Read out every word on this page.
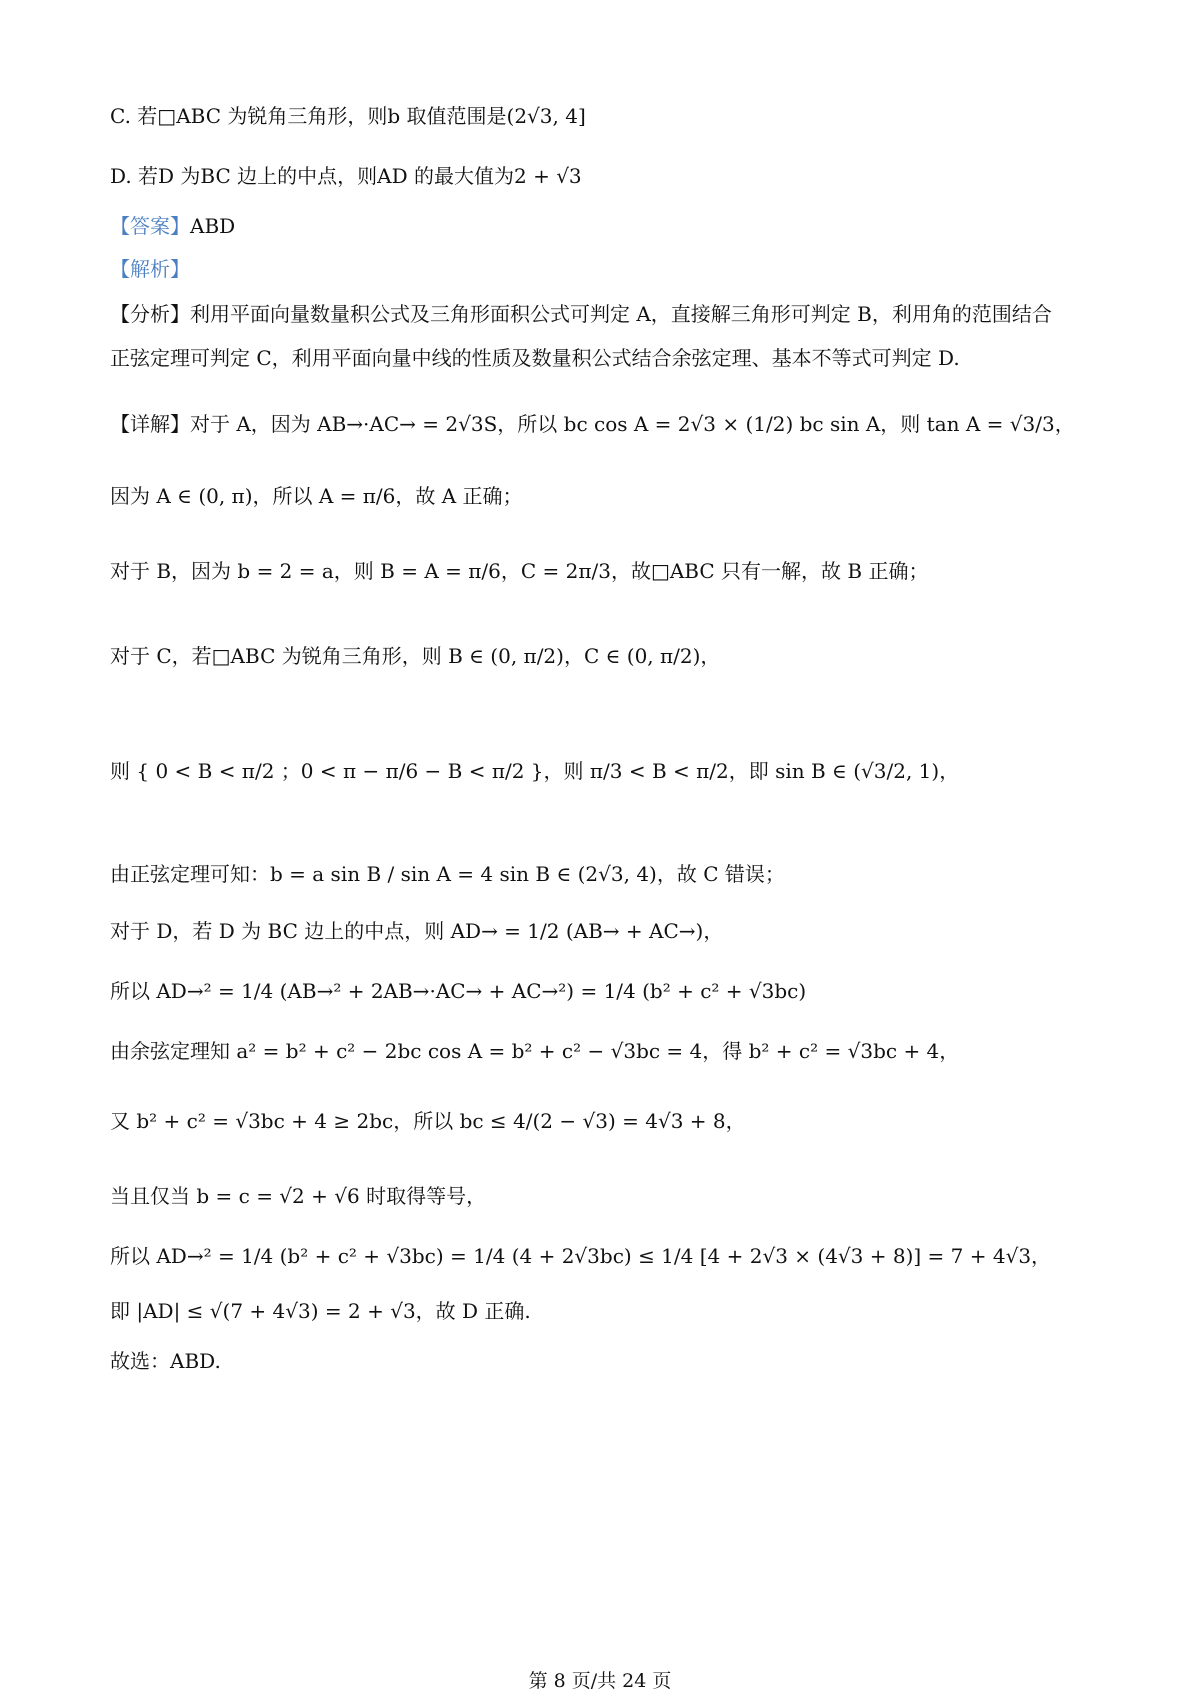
C. 若□ABC 为锐角三角形，则b 取值范围是(2√3, 4]
D. 若D 为BC 边上的中点，则AD 的最大值为2 + √3
【答案】ABD
【解析】
【分析】利用平面向量数量积公式及三角形面积公式可判定 A，直接解三角形可判定 B，利用角的范围结合
正弦定理可判定 C，利用平面向量中线的性质及数量积公式结合余弦定理、基本不等式可判定 D.
【详解】对于 A，因为 AB→·AC→ = 2√3S，所以 bc cos A = 2√3 × (1/2) bc sin A，则 tan A = √3/3，
因为 A ∈ (0, π)，所以 A = π/6，故 A 正确；
对于 B，因为 b = 2 = a，则 B = A = π/6，C = 2π/3，故□ABC 只有一解，故 B 正确；
对于 C，若□ABC 为锐角三角形，则 B ∈ (0, π/2)，C ∈ (0, π/2)，
则 { 0 < B < π/2 ；0 < π − π/6 − B < π/2 }，则 π/3 < B < π/2，即 sin B ∈ (√3/2, 1)，
由正弦定理可知：b = a sin B / sin A = 4 sin B ∈ (2√3, 4)，故 C 错误；
对于 D，若 D 为 BC 边上的中点，则 AD→ = 1/2 (AB→ + AC→)，
所以 AD→² = 1/4 (AB→² + 2AB→·AC→ + AC→²) = 1/4 (b² + c² + √3bc)
由余弦定理知 a² = b² + c² − 2bc cos A = b² + c² − √3bc = 4，得 b² + c² = √3bc + 4，
又 b² + c² = √3bc + 4 ≥ 2bc，所以 bc ≤ 4/(2 − √3) = 4√3 + 8，
当且仅当 b = c = √2 + √6 时取得等号，
所以 AD→² = 1/4 (b² + c² + √3bc) = 1/4 (4 + 2√3bc) ≤ 1/4 [4 + 2√3 × (4√3 + 8)] = 7 + 4√3，
即 |AD| ≤ √(7 + 4√3) = 2 + √3，故 D 正确.
故选：ABD.
第 8 页/共 24 页
